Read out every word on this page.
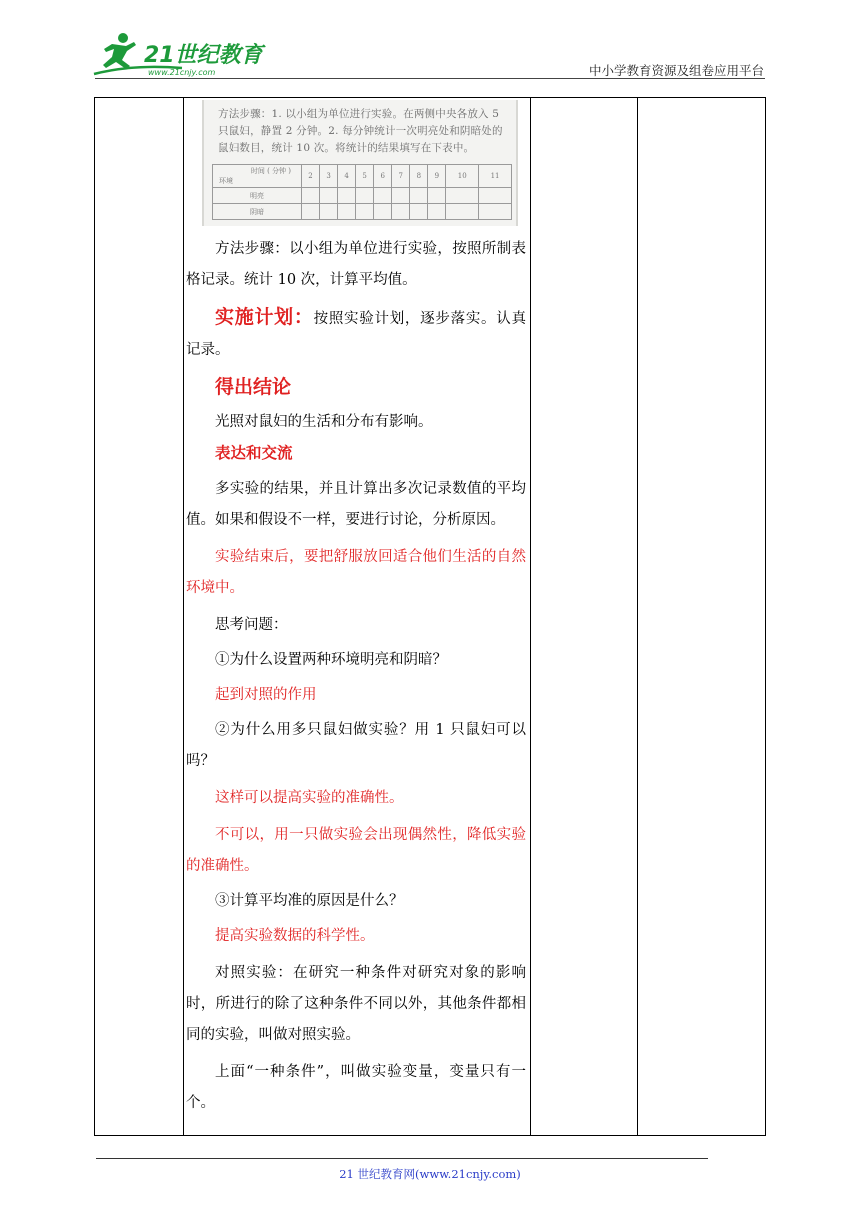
21世纪教育
www.21cnjy.com	中小学教育资源及组卷应用平台
方法步骤：1. 以小组为单位进行实验。在两侧中央各放入 5 只鼠妇，静置 2 分钟。2. 每分钟统计一次明亮处和阴暗处的鼠妇数目，统计 10 次。将统计的结果填写在下表中。
时间 ( 分钟 )
环境	2	3	4	5	6	7	8	9	10	11
明亮										
阴暗										

方法步骤：以小组为单位进行实验，按照所制表格记录。统计 10 次，计算平均值。

实施计划：按照实验计划，逐步落实。认真记录。

得出结论

光照对鼠妇的生活和分布有影响。

表达和交流

多实验的结果，并且计算出多次记录数值的平均值。如果和假设不一样，要进行讨论，分析原因。

实验结束后，要把舒服放回适合他们生活的自然环境中。

思考问题：

①为什么设置两种环境明亮和阴暗？

起到对照的作用

②为什么用多只鼠妇做实验？用 1 只鼠妇可以吗？

这样可以提高实验的准确性。

不可以，用一只做实验会出现偶然性，降低实验的准确性。

③计算平均准的原因是什么？

提高实验数据的科学性。

对照实验：在研究一种条件对研究对象的影响时，所进行的除了这种条件不同以外，其他条件都相同的实验，叫做对照实验。

上面“一种条件”，叫做实验变量，变量只有一个。

21 世纪教育网(www.21cnjy.com)
